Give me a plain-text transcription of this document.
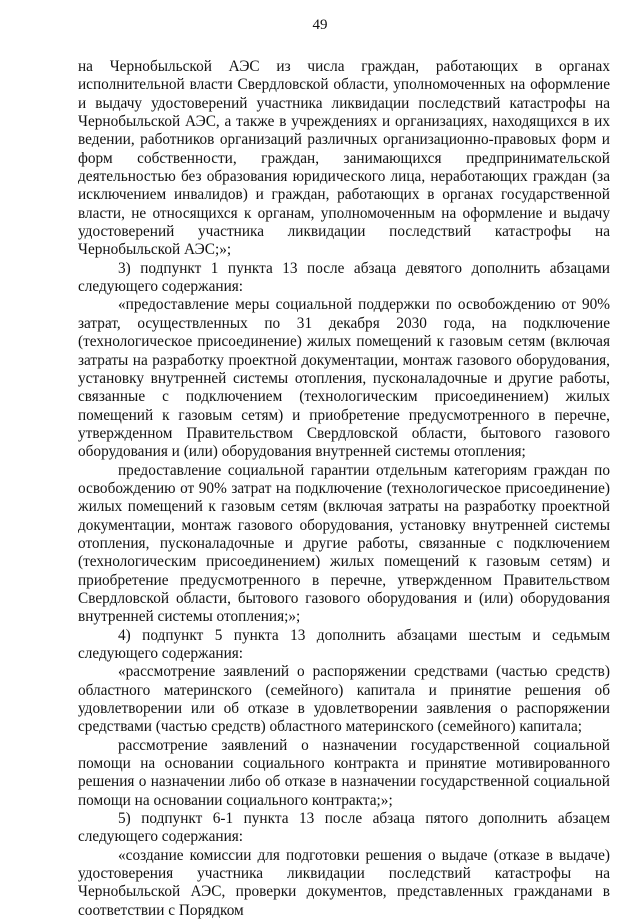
49

на Чернобыльской АЭС из числа граждан, работающих в органах исполнительной власти Свердловской области, уполномоченных на оформление и выдачу удостоверений участника ликвидации последствий катастрофы на Чернобыльской АЭС, а также в учреждениях и организациях, находящихся в их ведении, работников организаций различных организационно-правовых форм и форм собственности, граждан, занимающихся предпринимательской деятельностью без образования юридического лица, неработающих граждан (за исключением инвалидов) и граждан, работающих в органах государственной власти, не относящихся к органам, уполномоченным на оформление и выдачу удостоверений участника ликвидации последствий катастрофы на Чернобыльской АЭС;»;

3) подпункт 1 пункта 13 после абзаца девятого дополнить абзацами следующего содержания:

«предоставление меры социальной поддержки по освобождению от 90% затрат, осуществленных по 31 декабря 2030 года, на подключение (технологическое присоединение) жилых помещений к газовым сетям (включая затраты на разработку проектной документации, монтаж газового оборудования, установку внутренней системы отопления, пусконаладочные и другие работы, связанные с подключением (технологическим присоединением) жилых помещений к газовым сетям) и приобретение предусмотренного в перечне, утвержденном Правительством Свердловской области, бытового газового оборудования и (или) оборудования внутренней системы отопления;

предоставление социальной гарантии отдельным категориям граждан по освобождению от 90% затрат на подключение (технологическое присоединение) жилых помещений к газовым сетям (включая затраты на разработку проектной документации, монтаж газового оборудования, установку внутренней системы отопления, пусконаладочные и другие работы, связанные с подключением (технологическим присоединением) жилых помещений к газовым сетям) и приобретение предусмотренного в перечне, утвержденном Правительством Свердловской области, бытового газового оборудования и (или) оборудования внутренней системы отопления;»;

4) подпункт 5 пункта 13 дополнить абзацами шестым и седьмым следующего содержания:

«рассмотрение заявлений о распоряжении средствами (частью средств) областного материнского (семейного) капитала и принятие решения об удовлетворении или об отказе в удовлетворении заявления о распоряжении средствами (частью средств) областного материнского (семейного) капитала;

рассмотрение заявлений о назначении государственной социальной помощи на основании социального контракта и принятие мотивированного решения о назначении либо об отказе в назначении государственной социальной помощи на основании социального контракта;»;

5) подпункт 6-1 пункта 13 после абзаца пятого дополнить абзацем следующего содержания:

«создание комиссии для подготовки решения о выдаче (отказе в выдаче) удостоверения участника ликвидации последствий катастрофы на Чернобыльской АЭС, проверки документов, представленных гражданами в соответствии с Порядком
